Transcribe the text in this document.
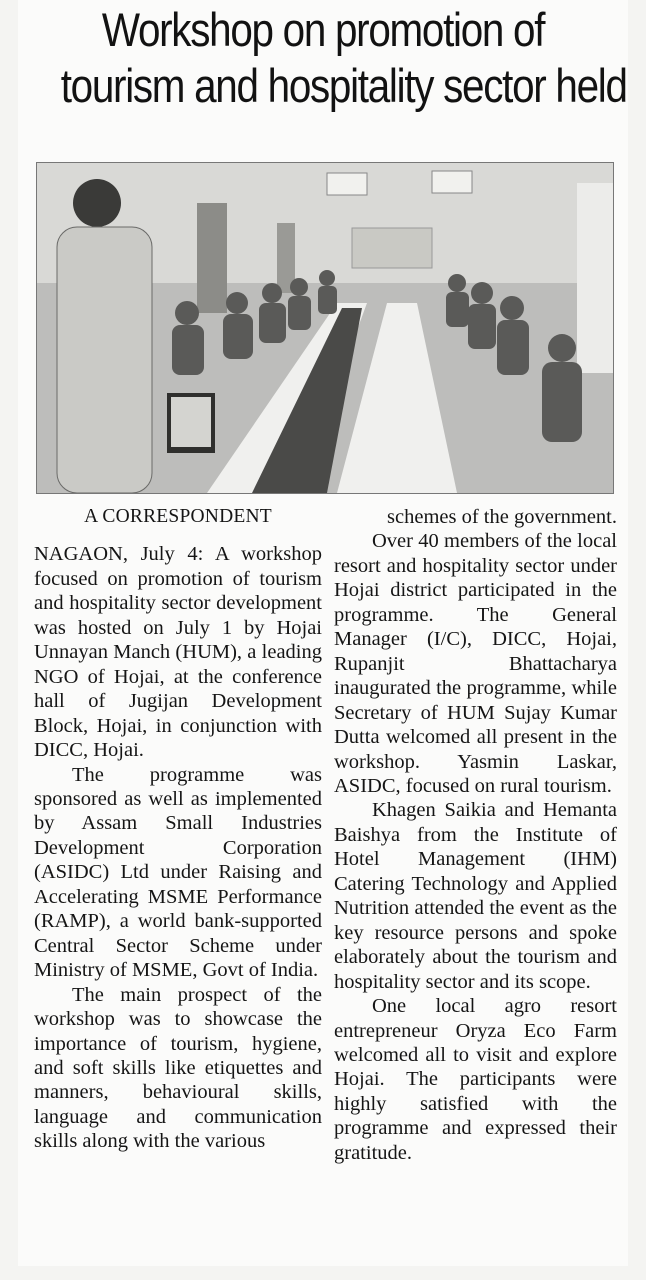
Workshop on promotion of
tourism and hospitality sector held
A CORRESPONDENT
NAGAON, July 4: A workshop focused on promotion of tourism and hospitality sector development was hosted on July 1 by Hojai Unnayan Manch (HUM), a leading NGO of Hojai, at the conference hall of Jugijan Development Block, Hojai, in conjunction with DICC, Hojai.
The programme was sponsored as well as implemented by Assam Small Industries Development Corporation (ASIDC) Ltd under Raising and Accelerating MSME Performance (RAMP), a world bank-supported Central Sector Scheme under Ministry of MSME, Govt of India.
The main prospect of the workshop was to showcase the importance of tourism, hygiene, and soft skills like etiquettes and manners, behavioural skills, language and communication skills along with the various
schemes of the government.
Over 40 members of the local resort and hospitality sector under Hojai district participated in the programme. The General Manager (I/C), DICC, Hojai, Rupanjit Bhattacharya inaugurated the programme, while Secretary of HUM Sujay Kumar Dutta welcomed all present in the workshop. Yasmin Laskar, ASIDC, focused on rural tourism.
Khagen Saikia and Hemanta Baishya from the Institute of Hotel Management (IHM) Catering Technology and Applied Nutrition attended the event as the key resource persons and spoke elaborately about the tourism and hospitality sector and its scope.
One local agro resort entrepreneur Oryza Eco Farm welcomed all to visit and explore Hojai. The participants were highly satisfied with the programme and expressed their gratitude.
